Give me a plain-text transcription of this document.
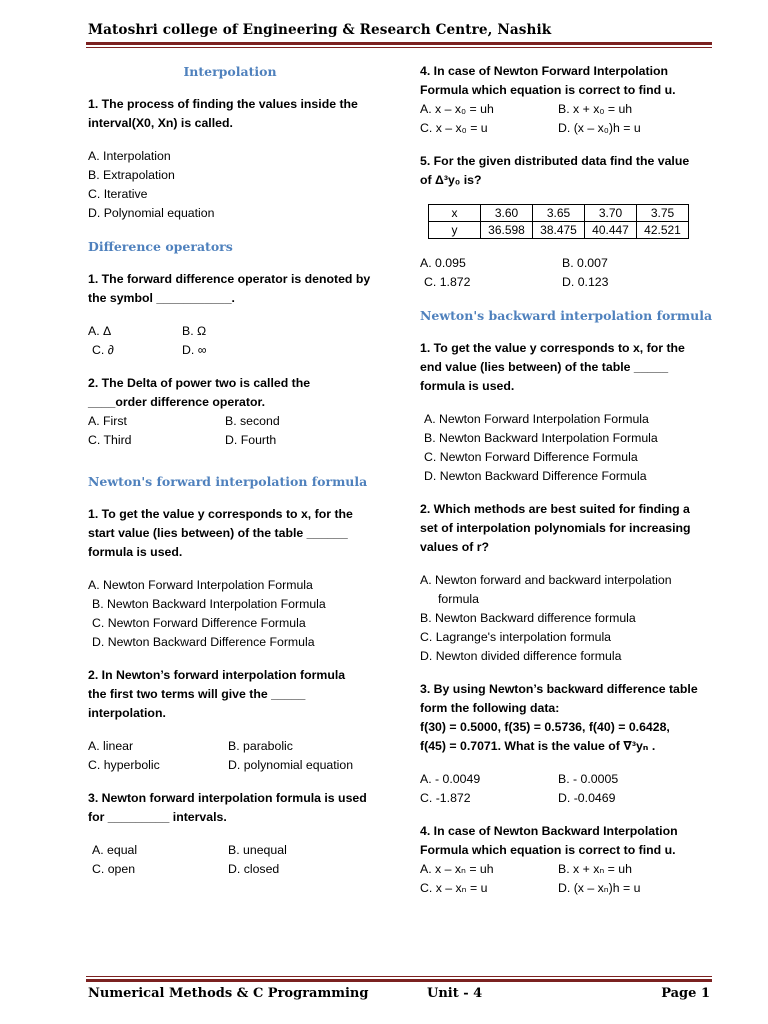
Matoshri college of Engineering & Research Centre, Nashik
Interpolation
1. The process of finding the values inside the
interval(X0, Xn) is called.
A. Interpolation
B. Extrapolation
C. Iterative
D. Polynomial equation
Difference operators
1. The forward difference operator is denoted by
the symbol ___________.
A. Δ	B. Ω
C. ∂	D. ∞
2. The Delta of power two is called the
____order difference operator.
A. First	B. second
C. Third	D. Fourth
Newton's forward interpolation formula
1. To get the value y corresponds to x, for the
start value (lies between) of the table ______
formula is used.
A. Newton Forward Interpolation Formula
B. Newton Backward Interpolation Formula
C. Newton Forward Difference Formula
D. Newton Backward Difference Formula
2. In Newton’s forward interpolation formula
the first two terms will give the _____
interpolation.
A. linear	B. parabolic
C. hyperbolic	D. polynomial equation
3. Newton forward interpolation formula is used
for _________ intervals.
A. equal	B. unequal
C. open	D. closed
4. In case of Newton Forward Interpolation
Formula which equation is correct to find u.
A. x – x₀ = uh	B. x + x₀ = uh
C. x – x₀ = u	D. (x – x₀)h = u
5. For the given distributed data find the value
of Δ³y₀ is?
x	3.60	3.65	3.70	3.75
y	36.598	38.475	40.447	42.521
A. 0.095	B. 0.007
C. 1.872	D. 0.123
Newton's backward interpolation formula
1. To get the value y corresponds to x, for the
end value (lies between) of the table _____
formula is used.
A. Newton Forward Interpolation Formula
B. Newton Backward Interpolation Formula
C. Newton Forward Difference Formula
D. Newton Backward Difference Formula
2. Which methods are best suited for finding a
set of interpolation polynomials for increasing
values of r?
A. Newton forward and backward interpolation
formula
B. Newton Backward difference formula
C. Lagrange's interpolation formula
D. Newton divided difference formula
3. By using Newton’s backward difference table
form the following data:
f(30) = 0.5000, f(35) = 0.5736, f(40) = 0.6428,
f(45) = 0.7071. What is the value of ∇³yₙ .
A. - 0.0049	B. - 0.0005
C. -1.872	D. -0.0469
4. In case of Newton Backward Interpolation
Formula which equation is correct to find u.
A. x – xₙ = uh	B. x + xₙ = uh
C. x – xₙ = u	D. (x – xₙ)h = u
Numerical Methods & C Programming	Unit - 4	Page 1
